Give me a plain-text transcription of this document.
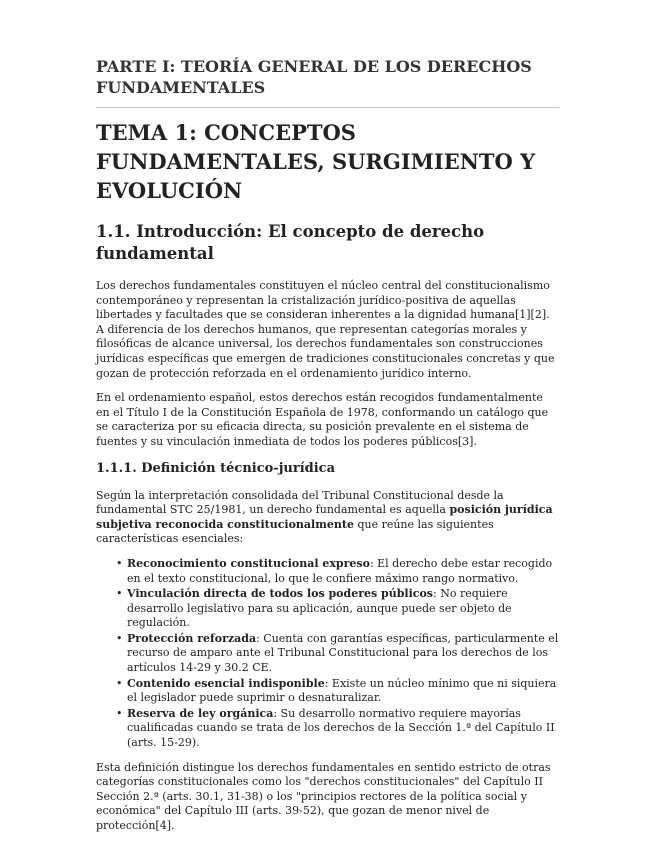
PARTE I: TEORÍA GENERAL DE LOS DERECHOS FUNDAMENTALES
TEMA 1: CONCEPTOS FUNDAMENTALES, SURGIMIENTO Y EVOLUCIÓN
1.1. Introducción: El concepto de derecho fundamental

Los derechos fundamentales constituyen el núcleo central del constitucionalismo contemporáneo y representan la cristalización jurídico-positiva de aquellas libertades y facultades que se consideran inherentes a la dignidad humana[1][2]. A diferencia de los derechos humanos, que representan categorías morales y filosóficas de alcance universal, los derechos fundamentales son construcciones jurídicas específicas que emergen de tradiciones constitucionales concretas y que gozan de protección reforzada en el ordenamiento jurídico interno.

En el ordenamiento español, estos derechos están recogidos fundamentalmente en el Título I de la Constitución Española de 1978, conformando un catálogo que se caracteriza por su eficacia directa, su posición prevalente en el sistema de fuentes y su vinculación inmediata de todos los poderes públicos[3].

1.1.1. Definición técnico-jurídica

Según la interpretación consolidada del Tribunal Constitucional desde la fundamental STC 25/1981, un derecho fundamental es aquella posición jurídica subjetiva reconocida constitucionalmente que reúne las siguientes características esenciales:

• Reconocimiento constitucional expreso: El derecho debe estar recogido en el texto constitucional, lo que le confiere máximo rango normativo.
• Vinculación directa de todos los poderes públicos: No requiere desarrollo legislativo para su aplicación, aunque puede ser objeto de regulación.
• Protección reforzada: Cuenta con garantías específicas, particularmente el recurso de amparo ante el Tribunal Constitucional para los derechos de los artículos 14-29 y 30.2 CE.
• Contenido esencial indisponible: Existe un núcleo mínimo que ni siquiera el legislador puede suprimir o desnaturalizar.
• Reserva de ley orgánica: Su desarrollo normativo requiere mayorías cualificadas cuando se trata de los derechos de la Sección 1.ª del Capítulo II (arts. 15-29).

Esta definición distingue los derechos fundamentales en sentido estricto de otras categorías constitucionales como los "derechos constitucionales" del Capítulo II Sección 2.ª (arts. 30.1, 31-38) o los "principios rectores de la política social y económica" del Capítulo III (arts. 39-52), que gozan de menor nivel de protección[4].
